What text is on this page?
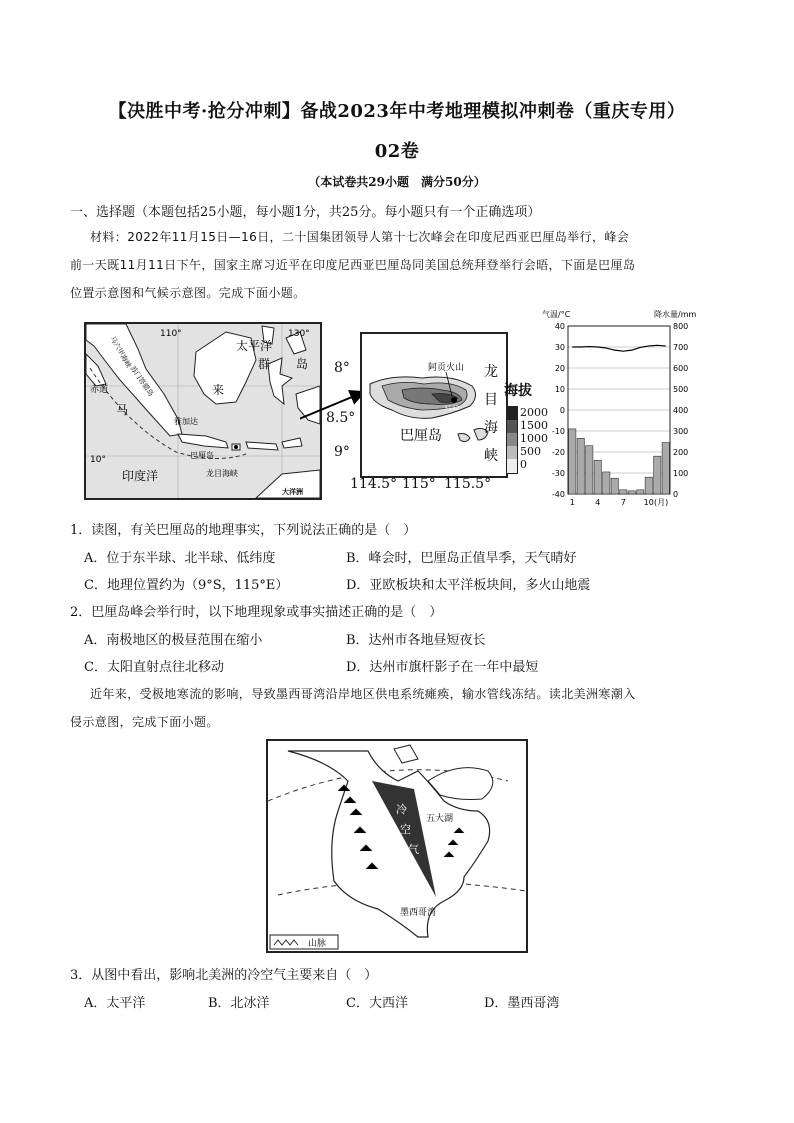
【决胜中考·抢分冲刺】备战2023年中考地理模拟冲刺卷（重庆专用）
02卷
（本试卷共29小题　满分50分）
一、选择题（本题包括25小题，每小题1分，共25分。每小题只有一个正确选项）
材料：2022年11月15日—16日，二十国集团领导人第十七次峰会在印度尼西亚巴厘岛举行，峰会
前一天既11月11日下午，国家主席习近平在印度尼西亚巴厘岛同美国总统拜登举行会晤，下面是巴厘岛
位置示意图和气候示意图。完成下面小题。
110°	130°
太平洋
群 岛
来
赤道
马
雅加达
巴厘岛
10°
印度洋	龙目海峡
大洋洲
马六甲海峡
苏门答腊岛	阿贡火山
3142
巴厘岛
龙
目
海
峡
8°
8.5°
9°
114.5° 115° 115.5°
海拔
2000
1500
1000
500
0
40
30
20
10
0
-10
-20
-30
-40
800
700
600
500
400
300
200
100
0
1	4	7 10 (月)
气温/°C	降水量/mm
1．读图，有关巴厘岛的地理事实，下列说法正确的是（　）
A．位于东半球、北半球、低纬度	B．峰会时，巴厘岛正值旱季，天气晴好
C．地理位置约为（9°S，115°E）	D．亚欧板块和太平洋板块间，多火山地震
2．巴厘岛峰会举行时，以下地理现象或事实描述正确的是（　）
A．南极地区的极昼范围在缩小	B．达州市各地昼短夜长
C．太阳直射点往北移动	D．达州市旗杆影子在一年中最短
近年来，受极地寒流的影响，导致墨西哥湾沿岸地区供电系统瘫痪，输水管线冻结。读北美洲寒潮入
侵示意图，完成下面小题。
冷
空
气
五大湖
墨西哥湾
山脉
3．从图中看出，影响北美洲的冷空气主要来自（　）
A．太平洋	B．北冰洋	C．大西洋	D．墨西哥湾
